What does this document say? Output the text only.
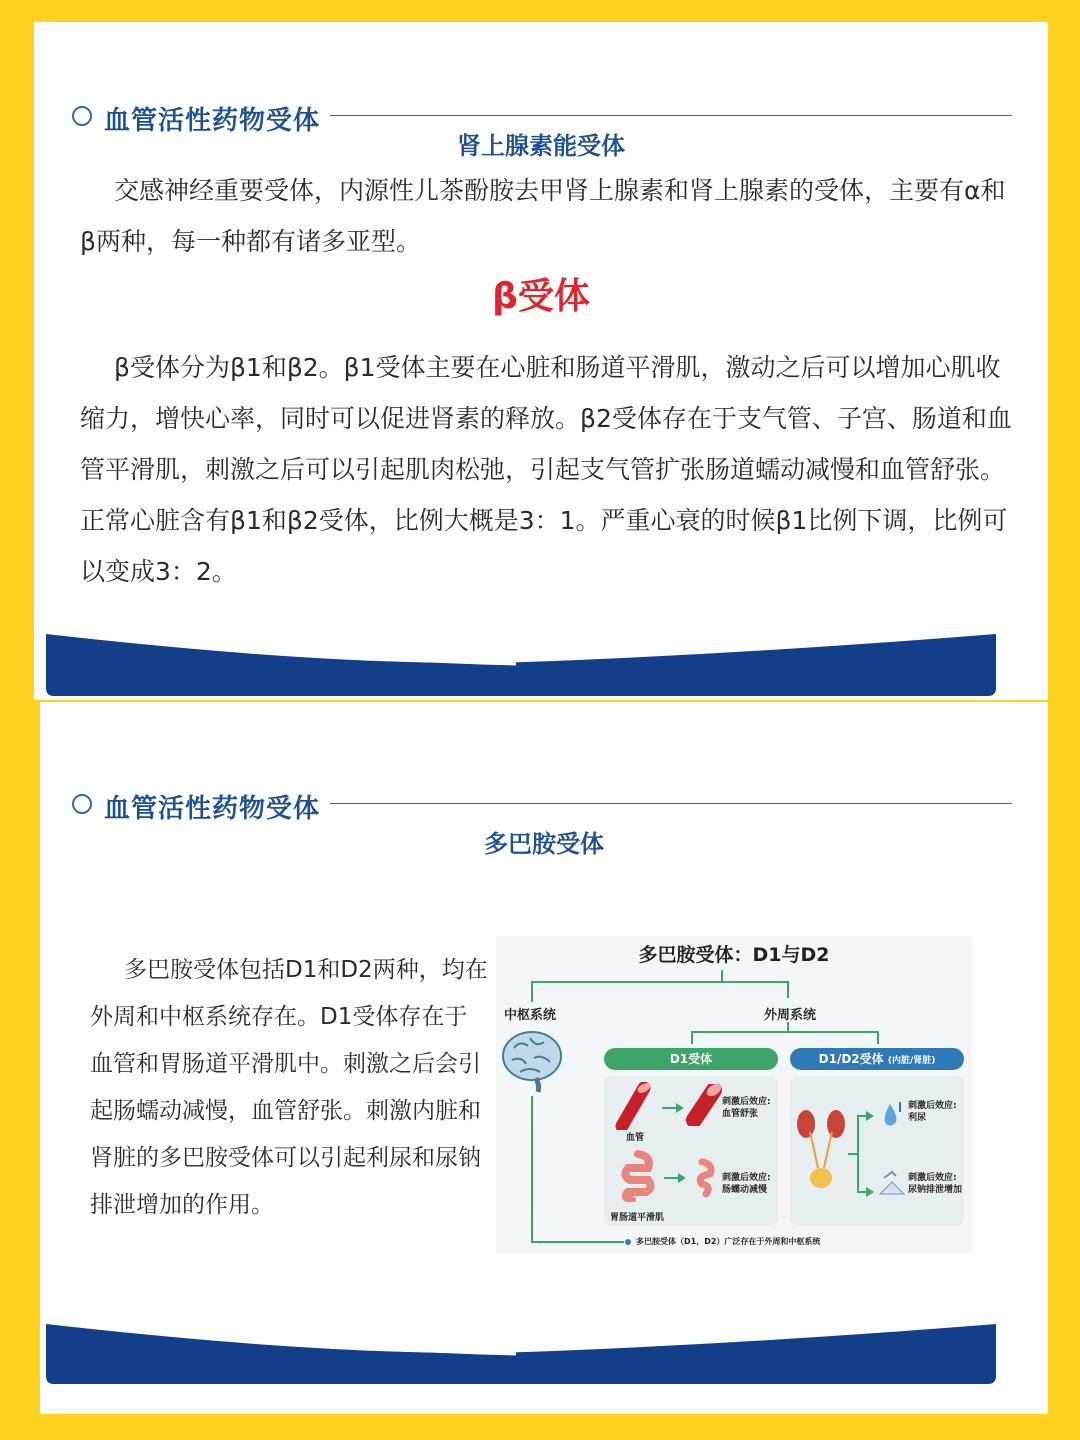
血管活性药物受体
肾上腺素能受体
交感神经重要受体，内源性儿茶酚胺去甲肾上腺素和肾上腺素的受体，主要有α和
β两种，每一种都有诸多亚型。
β受体
β受体分为β1和β2。β1受体主要在心脏和肠道平滑肌，激动之后可以增加心肌收
缩力，增快心率，同时可以促进肾素的释放。β2受体存在于支气管、子宫、肠道和血
管平滑肌，刺激之后可以引起肌肉松弛，引起支气管扩张肠道蠕动减慢和血管舒张。
正常心脏含有β1和β2受体，比例大概是3：1。严重心衰的时候β1比例下调，比例可
以变成3：2。
血管活性药物受体
多巴胺受体
多巴胺受体包括D1和D2两种，均在
外周和中枢系统存在。D1受体存在于
血管和胃肠道平滑肌中。刺激之后会引
起肠蠕动减慢，血管舒张。刺激内脏和
肾脏的多巴胺受体可以引起利尿和尿钠
排泄增加的作用。
多巴胺受体：D1与D2
中枢系统	外周系统
D1受体	D1/D2受体 (内脏/肾脏)
血管
刺激后效应:
血管舒张
胃肠道平滑肌
刺激后效应:
肠蠕动减慢
刺激后效应:
利尿
刺激后效应:
尿钠排泄增加
多巴胺受体（D1，D2）广泛存在于外周和中枢系统
